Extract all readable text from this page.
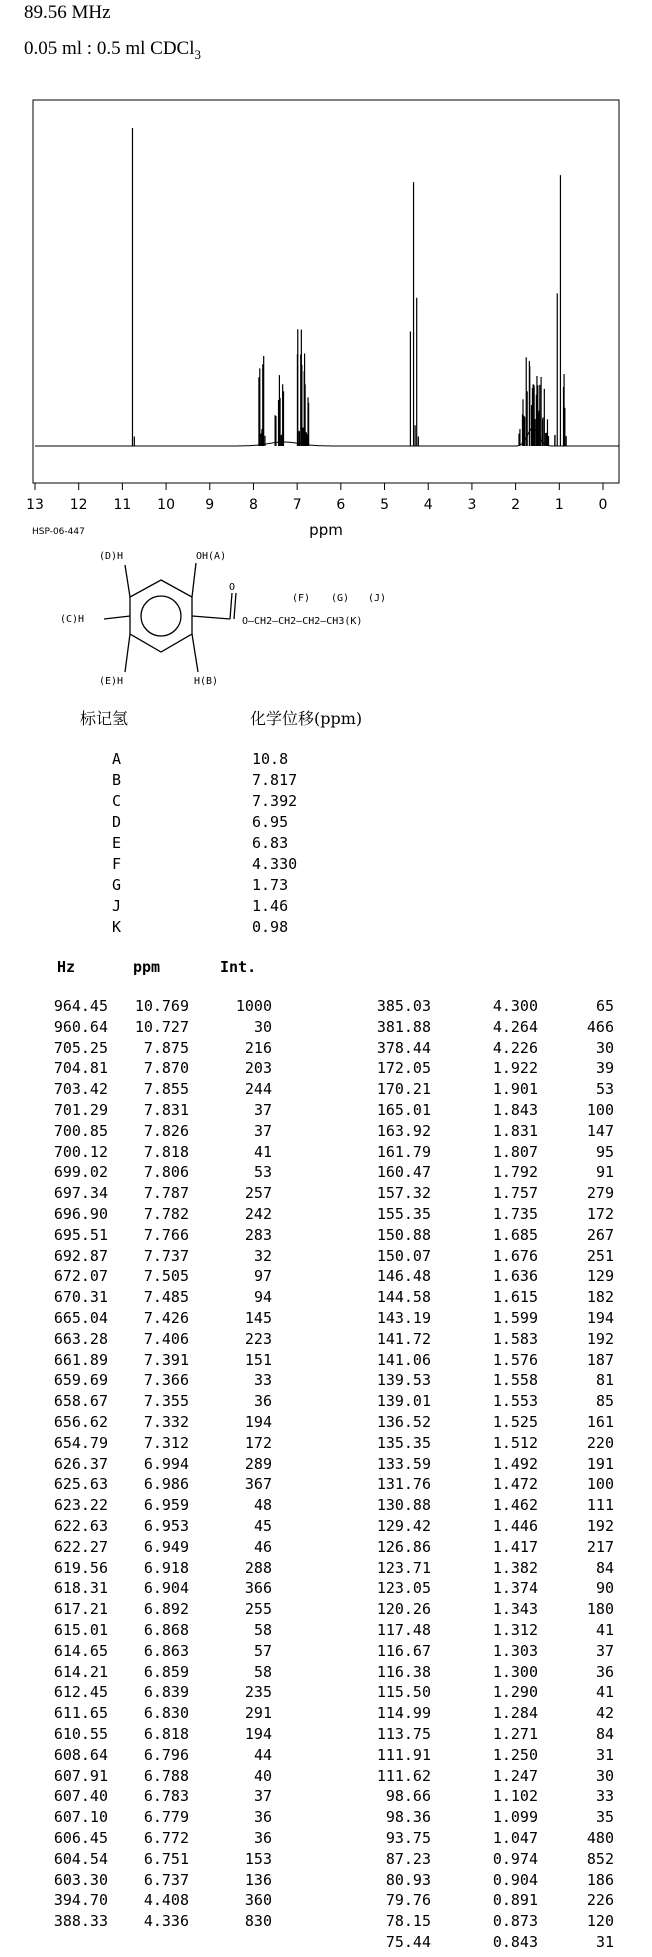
89.56 MHz
0.05 ml : 0.5 ml CDCl$_3$
13 12 11 10 9 8 7 6 5 4 3 2 1 0
ppm
HSP-06-447
(D)H	OH(A)
(C)H
(E)H	H(B)
O
O—CH2—CH2—CH2—CH3(K)
(F) (G) (J)
标记氢	化学位移(ppm)
A	10.8
B	7.817
C	7.392
D	6.95
E	6.83
F	4.330
G	1.73
J	1.46
K	0.98
Hz	ppm	Int.
964.45 10.769	1000
960.64 10.727	30
705.25 7.875	216
704.81 7.870	203
703.42 7.855	244
701.29 7.831	37
700.85 7.826	37
700.12 7.818	41
699.02 7.806	53
697.34 7.787	257
696.90 7.782	242
695.51 7.766	283
692.87 7.737	32
672.07 7.505	97
670.31 7.485	94
665.04 7.426	145
663.28 7.406	223
661.89 7.391	151
659.69 7.366	33
658.67 7.355	36
656.62 7.332	194
654.79 7.312	172
626.37 6.994	289
625.63 6.986	367
623.22 6.959	48
622.63 6.953	45
622.27 6.949	46
619.56 6.918	288
618.31 6.904	366
617.21 6.892	255
615.01 6.868	58
614.65 6.863	57
614.21 6.859	58
612.45 6.839	235
611.65 6.830	291
610.55 6.818	194
608.64 6.796	44
607.91 6.788	40
607.40 6.783	37
607.10 6.779	36
606.45 6.772	36
604.54 6.751	153
603.30 6.737	136
394.70 4.408	360
388.33 4.336	830
385.03	4.300	65
381.88	4.264	466
378.44	4.226	30
172.05	1.922	39
170.21	1.901	53
165.01	1.843	100
163.92	1.831	147
161.79	1.807	95
160.47	1.792	91
157.32	1.757	279
155.35	1.735	172
150.88	1.685	267
150.07	1.676	251
146.48	1.636	129
144.58	1.615	182
143.19	1.599	194
141.72	1.583	192
141.06	1.576	187
139.53	1.558	81
139.01	1.553	85
136.52	1.525	161
135.35	1.512	220
133.59	1.492	191
131.76	1.472	100
130.88	1.462	111
129.42	1.446	192
126.86	1.417	217
123.71	1.382	84
123.05	1.374	90
120.26	1.343	180
117.48	1.312	41
116.67	1.303	37
116.38	1.300	36
115.50	1.290	41
114.99	1.284	42
113.75	1.271	84
111.91	1.250	31
111.62	1.247	30
98.66	1.102	33
98.36	1.099	35
93.75	1.047	480
87.23	0.974	852
80.93	0.904	186
79.76	0.891	226
78.15	0.873	120
75.44	0.843	31
